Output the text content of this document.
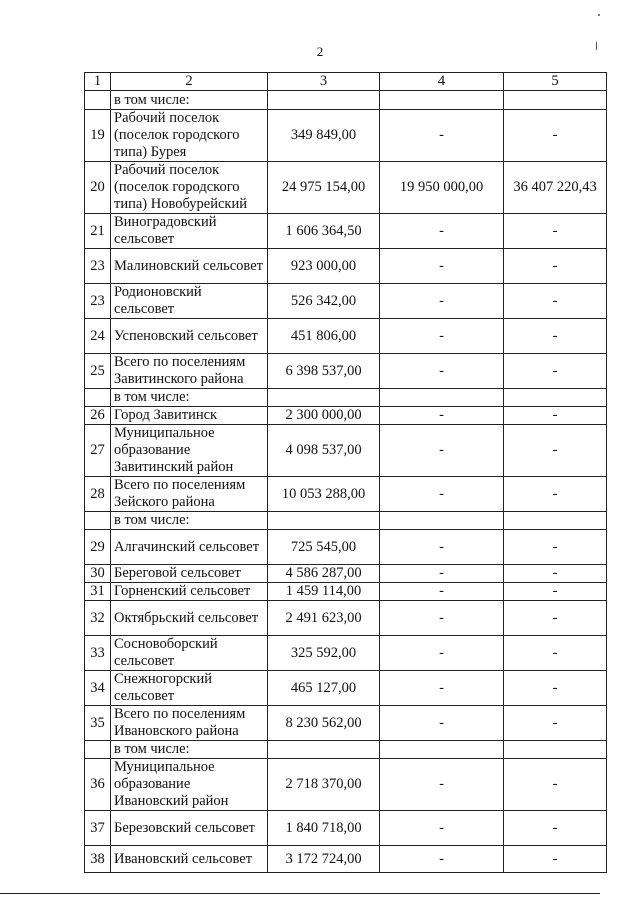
2
1	2	3	4	5
	в том числе:			
19	Рабочий поселок (поселок городского типа) Бурея	349 849,00	-	-
20	Рабочий поселок (поселок городского типа) Новобурейский	24 975 154,00	19 950 000,00	36 407 220,43
21	Виноградовский сельсовет	1 606 364,50	-	-
23	Малиновский сельсовет	923 000,00	-	-
23	Родионовский сельсовет	526 342,00	-	-
24	Успеновский сельсовет	451 806,00	-	-
25	Всего по поселениям Завитинского района	6 398 537,00	-	-
	в том числе:			
26	Город Завитинск	2 300 000,00	-	-
27	Муниципальное образование Завитинский район	4 098 537,00	-	-
28	Всего по поселениям Зейского района	10 053 288,00	-	-
	в том числе:			
29	Алгачинский сельсовет	725 545,00	-	-
30	Береговой сельсовет	4 586 287,00	-	-
31	Горненский сельсовет	1 459 114,00	-	-
32	Октябрьский сельсовет	2 491 623,00	-	-
33	Сосновоборский сельсовет	325 592,00	-	-
34	Снежногорский сельсовет	465 127,00	-	-
35	Всего по поселениям Ивановского района	8 230 562,00	-	-
	в том числе:			
36	Муниципальное образование Ивановский район	2 718 370,00	-	-
37	Березовский сельсовет	1 840 718,00	-	-
38	Ивановский сельсовет	3 172 724,00	-	-
